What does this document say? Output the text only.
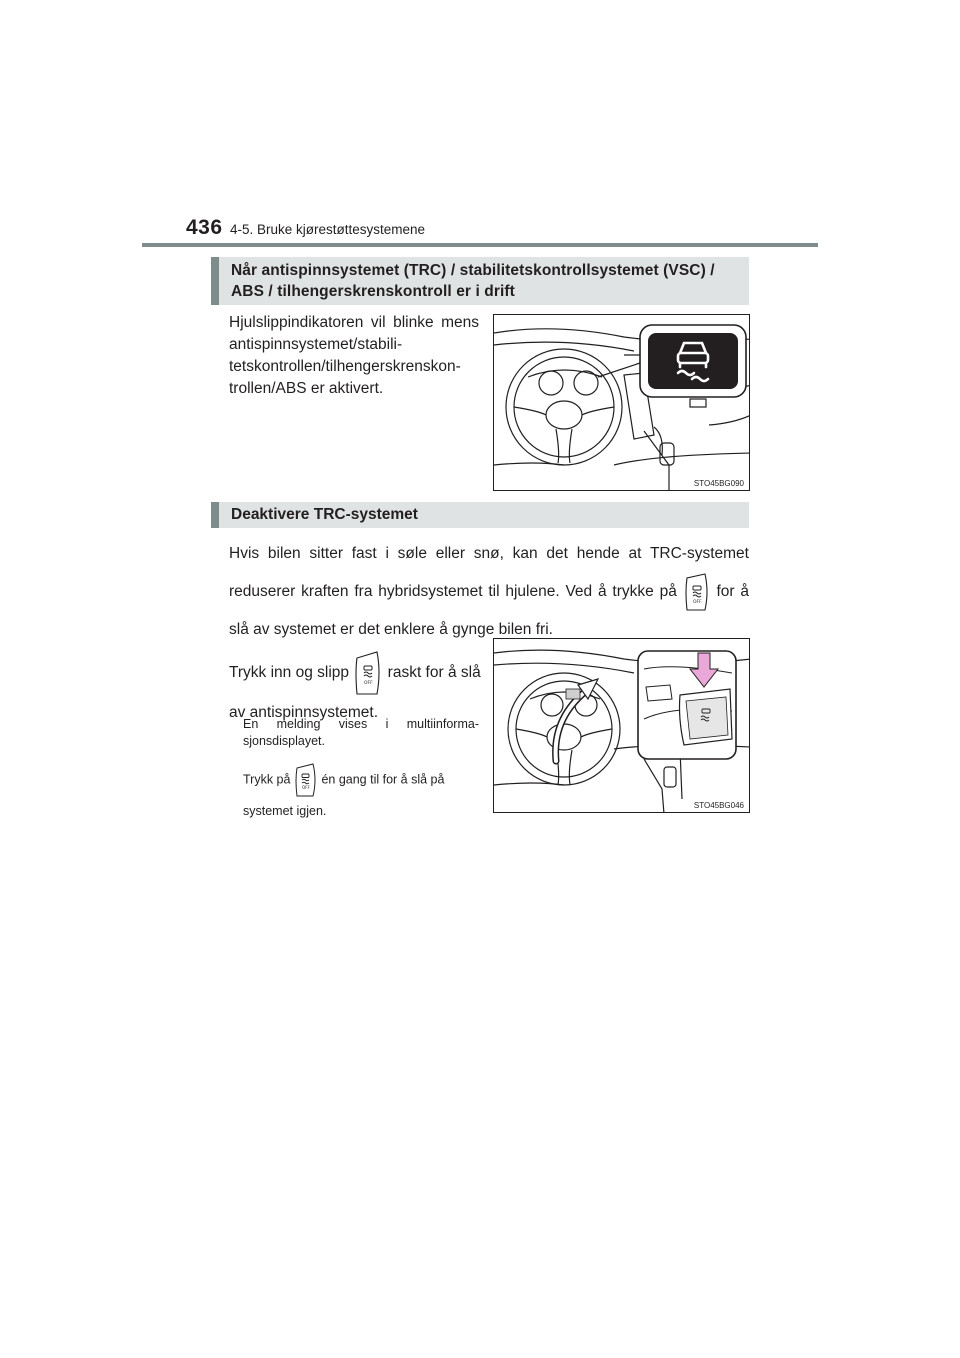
436 4-5. Bruke kjørestøttesystemene
Når antispinnsystemet (TRC) / stabilitetskontrollsystemet (VSC) / ABS / tilhengerskrenskontroll er i drift
Hjulslippindikatoren vil blinke mens antispinnsystemet/stabili-tetskontrollen/tilhengerskrenskon-trollen/ABS er aktivert.
STO45BG090
Deaktivere TRC-systemet
Hvis bilen sitter fast i søle eller snø, kan det hende at TRC-systemet reduserer kraften fra hybridsystemet til hjulene. Ved å trykke på
OFF
for å slå av systemet er det enklere å gynge bilen fri.
Trykk inn og slipp
OFF
raskt for å slå av antispinnsystemet.
En melding vises i multiinforma-sjonsdisplayet.
Trykk på
OFF
én gang til for å slå på systemet igjen.	STO45BG046
